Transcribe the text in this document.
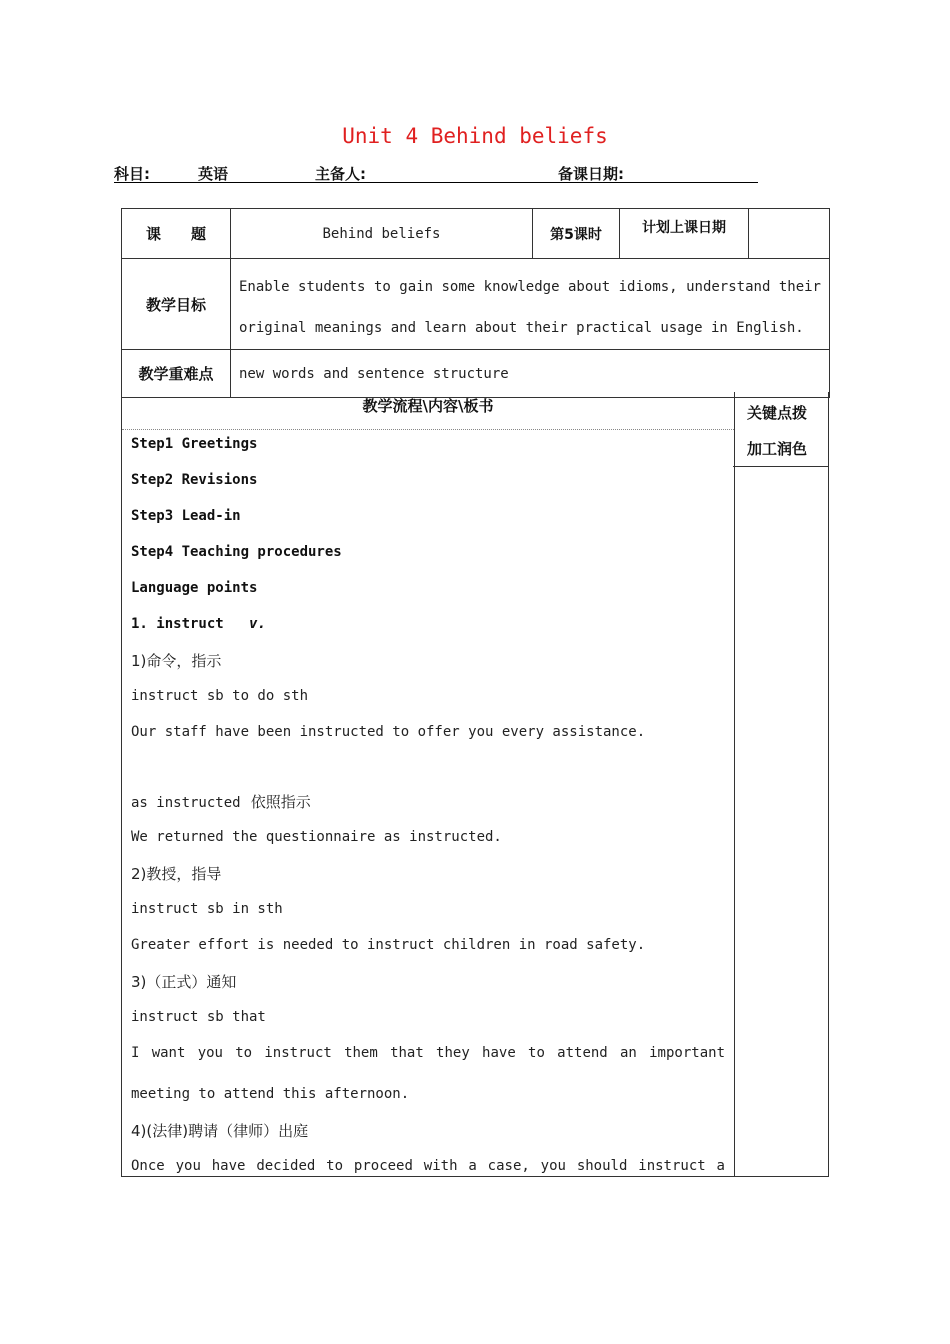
Unit 4 Behind beliefs
科目:	英语	主备人:	备课日期:
课　　题	Behind beliefs	第5课时	计划上课日期	
教学目标	Enable students to gain some knowledge about idioms, understand their

original meanings and learn about their practical usage in English.			

教学重难点	new words and sentence structure			
教学流程\内容\板书
Step1 Greetings
Step2 Revisions
Step3 Lead-in
Step4 Teaching procedures
Language points
1. instruct v.
1)命令，指示
instruct sb to do sth
Our staff have been instructed to offer you every assistance.
as instructed 依照指示
We returned the questionnaire as instructed.
2)教授，指导
instruct sb in sth
Greater effort is needed to instruct children in road safety.
3)（正式）通知
instruct sb that
I want you to instruct them that they have to attend an important
meeting to attend this afternoon.
4)(法律)聘请（律师）出庭
Once you have decided to proceed with a case, you should instruct a
关键点拨
加工润色
